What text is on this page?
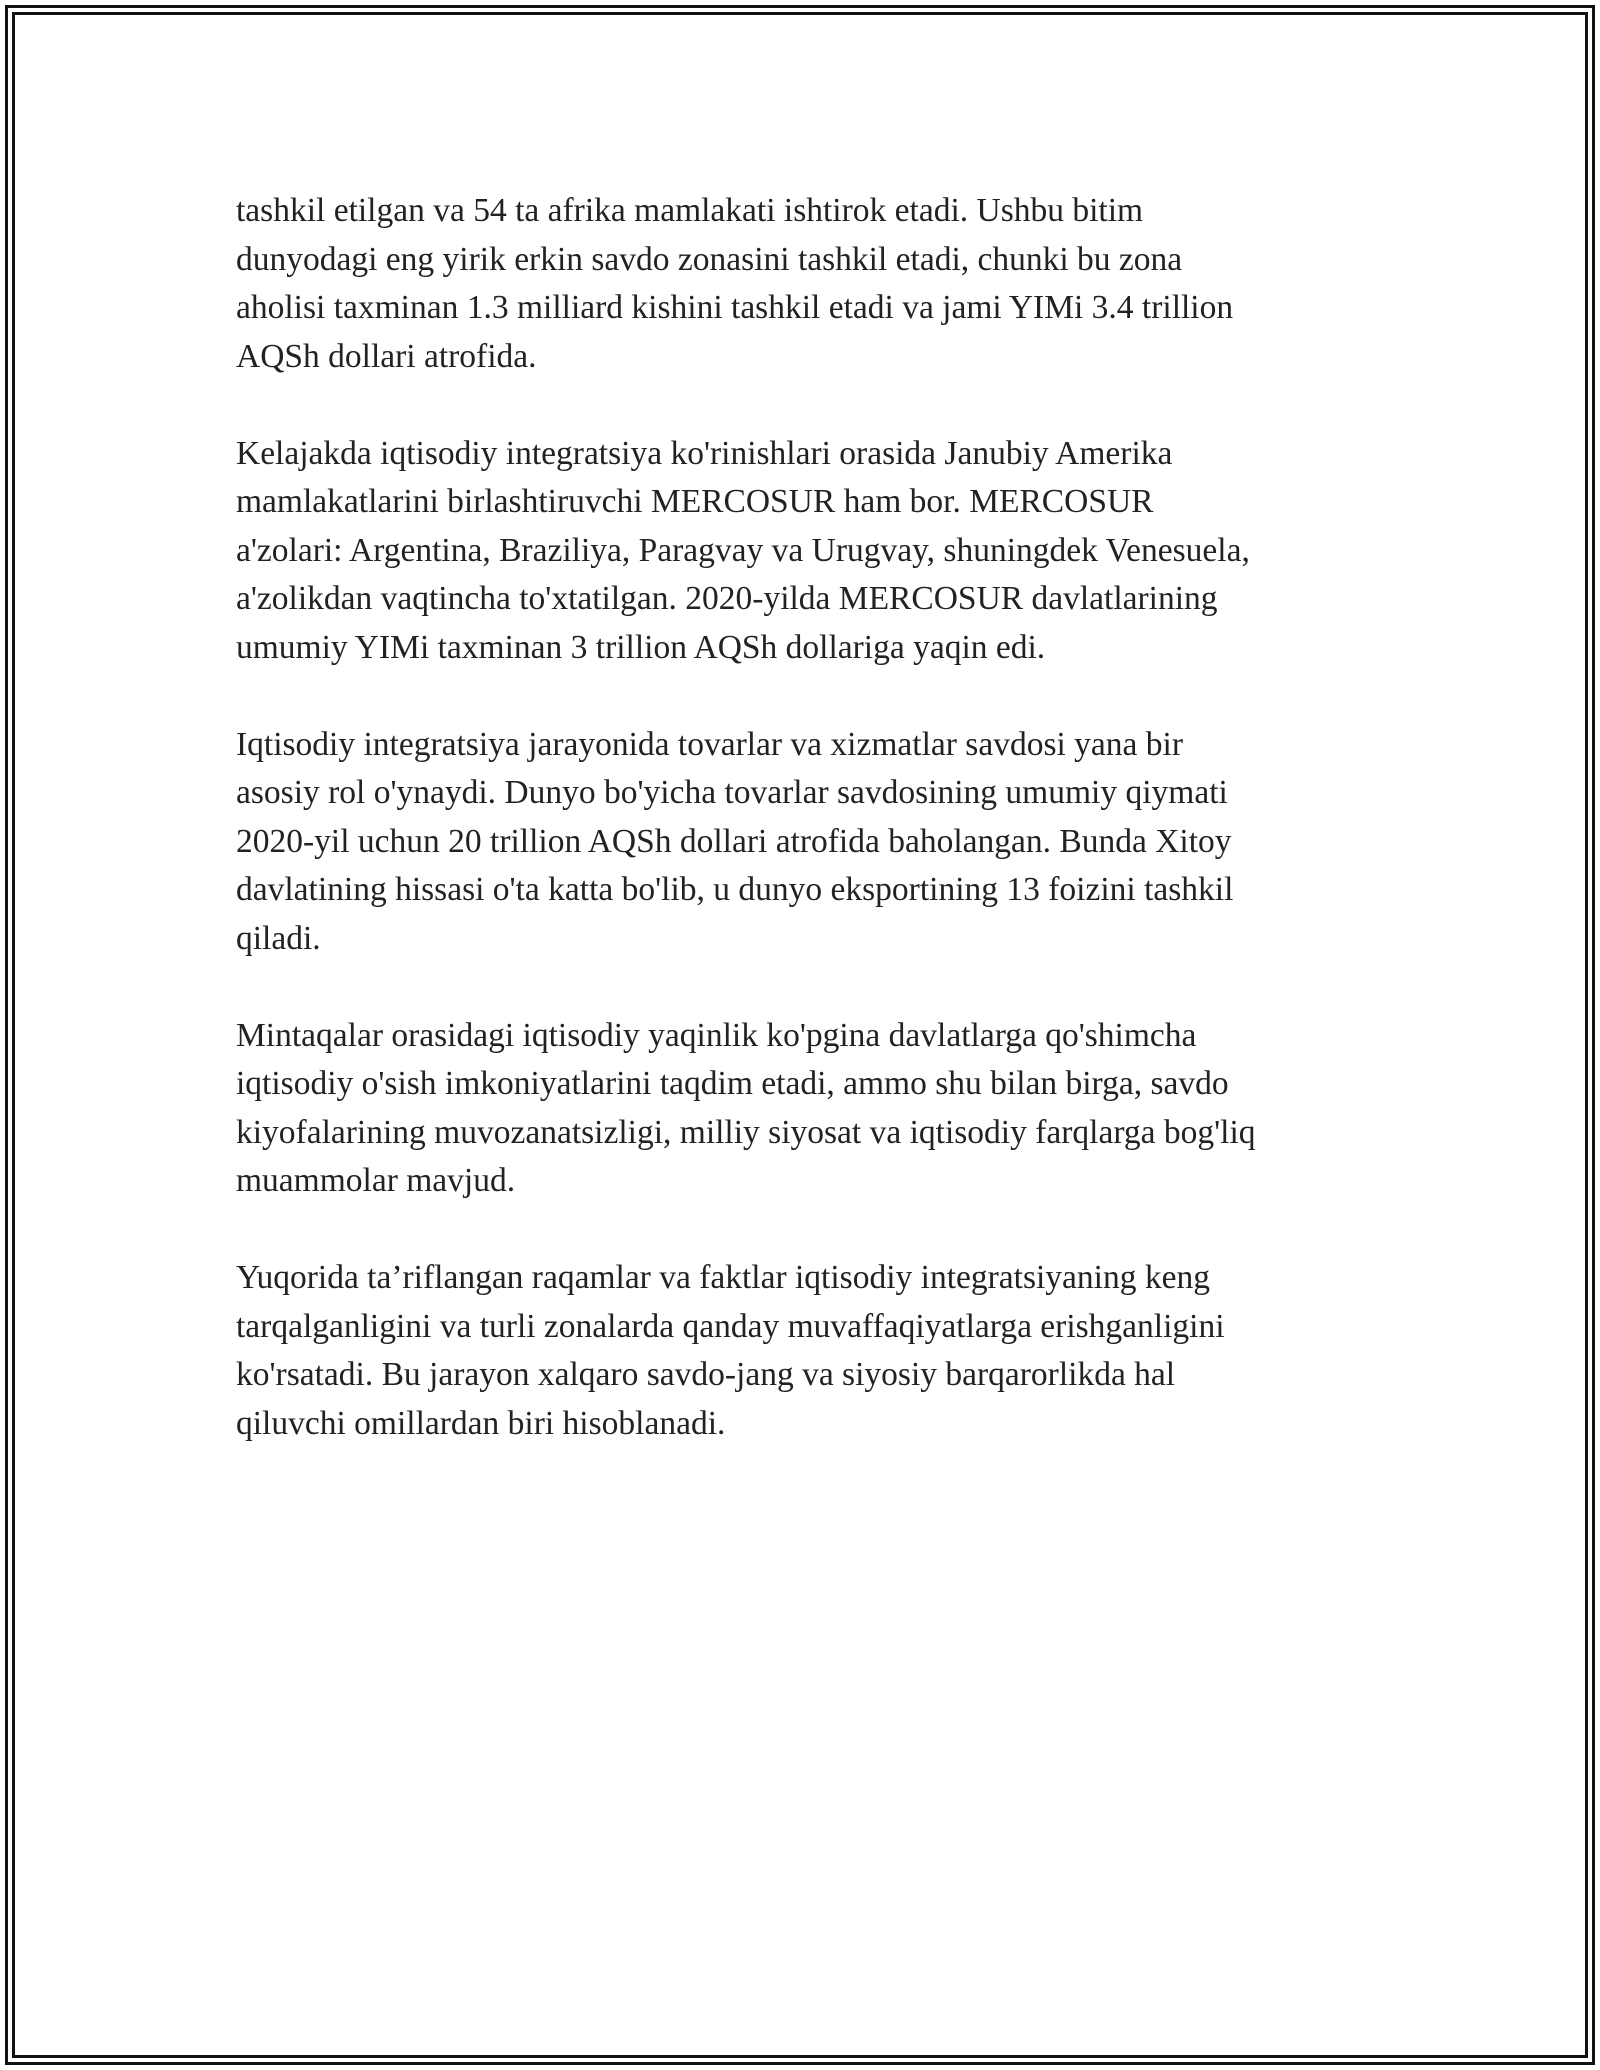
tashkil etilgan va 54 ta afrika mamlakati ishtirok etadi. Ushbu bitim
dunyodagi eng yirik erkin savdo zonasini tashkil etadi, chunki bu zona
aholisi taxminan 1.3 milliard kishini tashkil etadi va jami YIMi 3.4 trillion
AQSh dollari atrofida.

Kelajakda iqtisodiy integratsiya ko'rinishlari orasida Janubiy Amerika
mamlakatlarini birlashtiruvchi MERCOSUR ham bor. MERCOSUR
a'zolari: Argentina, Braziliya, Paragvay va Urugvay, shuningdek Venesuela,
a'zolikdan vaqtincha to'xtatilgan. 2020-yilda MERCOSUR davlatlarining
umumiy YIMi taxminan 3 trillion AQSh dollariga yaqin edi.

Iqtisodiy integratsiya jarayonida tovarlar va xizmatlar savdosi yana bir
asosiy rol o'ynaydi. Dunyo bo'yicha tovarlar savdosining umumiy qiymati
2020-yil uchun 20 trillion AQSh dollari atrofida baholangan. Bunda Xitoy
davlatining hissasi o'ta katta bo'lib, u dunyo eksportining 13 foizini tashkil
qiladi.

Mintaqalar orasidagi iqtisodiy yaqinlik ko'pgina davlatlarga qo'shimcha
iqtisodiy o'sish imkoniyatlarini taqdim etadi, ammo shu bilan birga, savdo
kiyofalarining muvozanatsizligi, milliy siyosat va iqtisodiy farqlarga bog'liq
muammolar mavjud.

Yuqorida ta’riflangan raqamlar va faktlar iqtisodiy integratsiyaning keng
tarqalganligini va turli zonalarda qanday muvaffaqiyatlarga erishganligini
ko'rsatadi. Bu jarayon xalqaro savdo-jang va siyosiy barqarorlikda hal
qiluvchi omillardan biri hisoblanadi.
